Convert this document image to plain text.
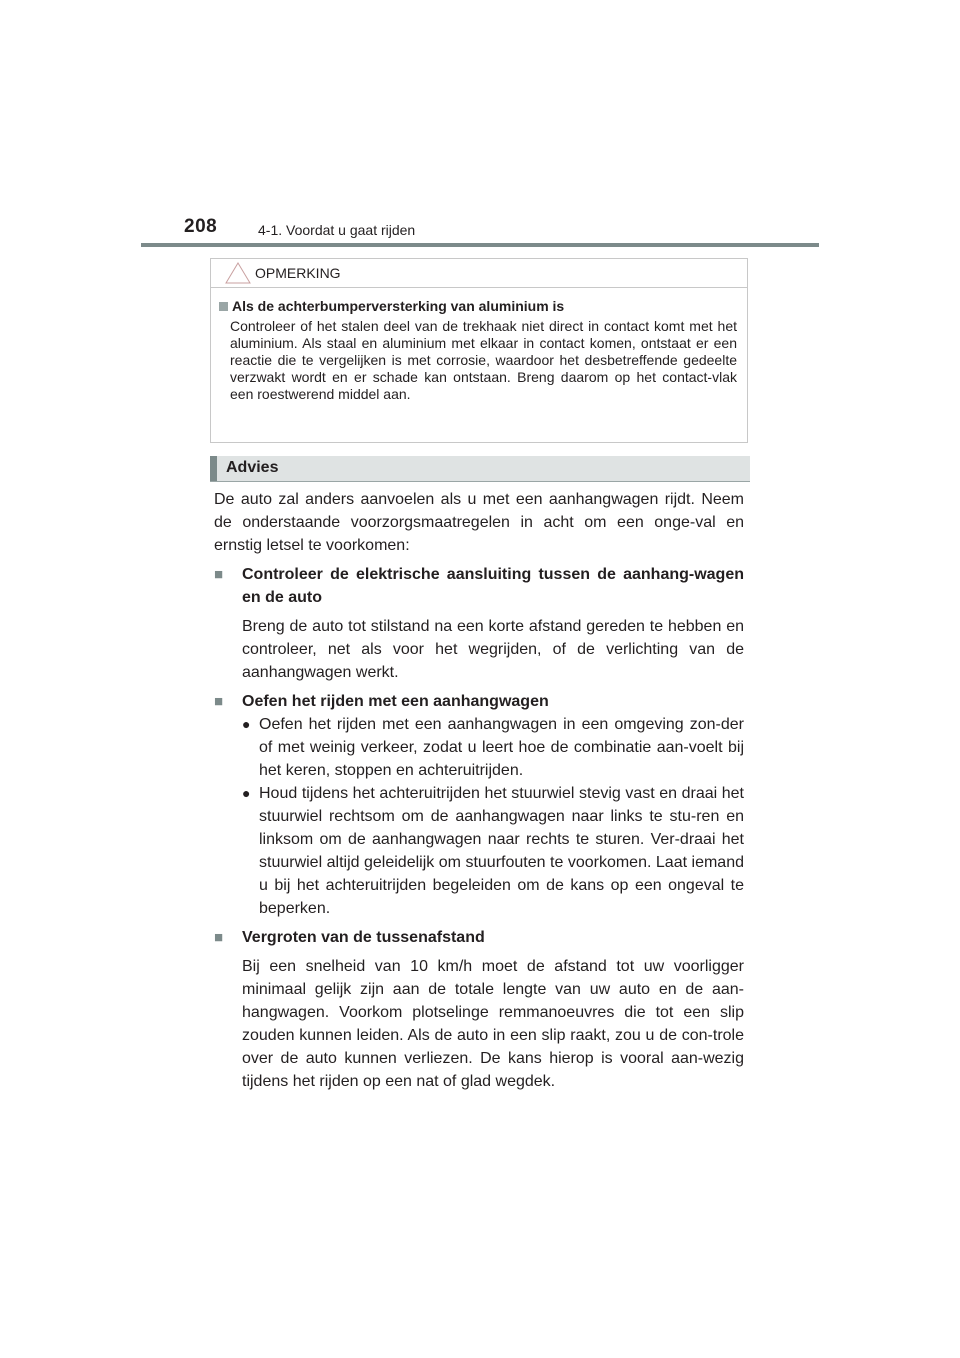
208	4-1. Voordat u gaat rijden
OPMERKING
Als de achterbumperversterking van aluminium is
Controleer of het stalen deel van de trekhaak niet direct in contact komt met het aluminium. Als staal en aluminium met elkaar in contact komen, ontstaat er een reactie die te vergelijken is met corrosie, waardoor het desbetreffende gedeelte verzwakt wordt en er schade kan ontstaan. Breng daarom op het contact-vlak een roestwerend middel aan.
Advies

De auto zal anders aanvoelen als u met een aanhangwagen rijdt. Neem de onderstaande voorzorgsmaatregelen in acht om een onge-val en ernstig letsel te voorkomen:

■	Controleer de elektrische aansluiting tussen de aanhang-wagen en de auto
Breng de auto tot stilstand na een korte afstand gereden te hebben en controleer, net als voor het wegrijden, of de verlichting van de aanhangwagen werkt.
■	Oefen het rijden met een aanhangwagen
● Oefen het rijden met een aanhangwagen in een omgeving zon-der of met weinig verkeer, zodat u leert hoe de combinatie aan-voelt bij het keren, stoppen en achteruitrijden.
● Houd tijdens het achteruitrijden het stuurwiel stevig vast en draai het stuurwiel rechtsom om de aanhangwagen naar links te stu-ren en linksom om de aanhangwagen naar rechts te sturen. Ver-draai het stuurwiel altijd geleidelijk om stuurfouten te voorkomen. Laat iemand u bij het achteruitrijden begeleiden om de kans op een ongeval te beperken.
■	Vergroten van de tussenafstand
Bij een snelheid van 10 km/h moet de afstand tot uw voorligger minimaal gelijk zijn aan de totale lengte van uw auto en de aan-hangwagen. Voorkom plotselinge remmanoeuvres die tot een slip zouden kunnen leiden. Als de auto in een slip raakt, zou u de con-trole over de auto kunnen verliezen. De kans hierop is vooral aan-wezig tijdens het rijden op een nat of glad wegdek.
